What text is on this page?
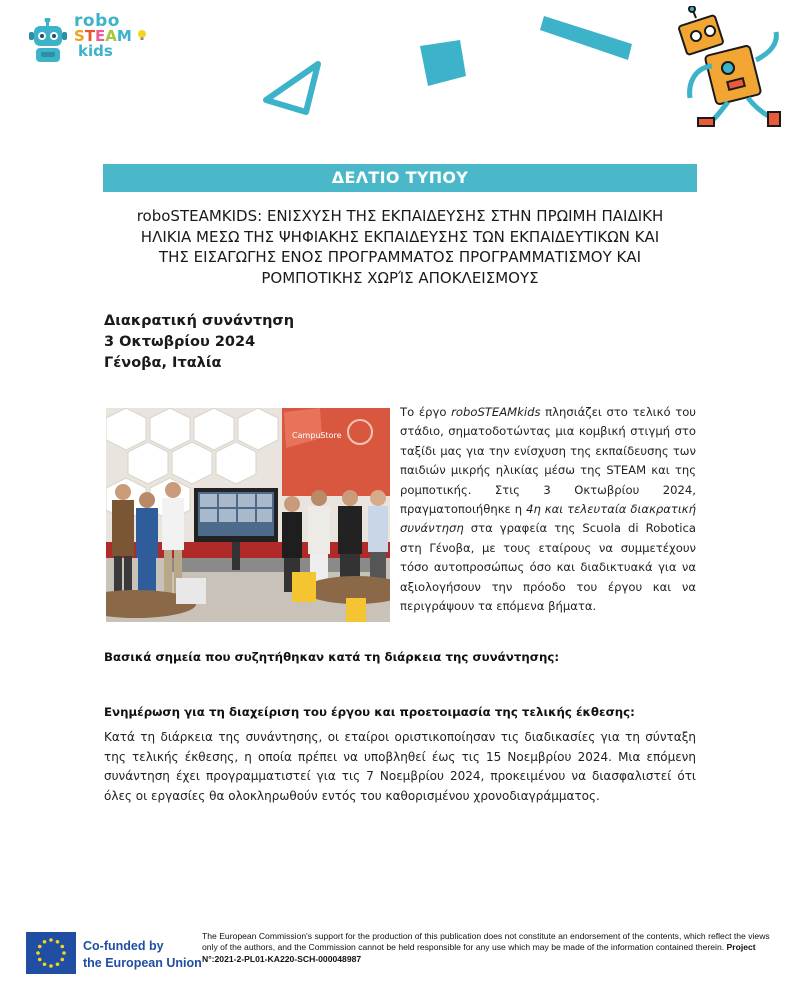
robo
STEAM
kids
ΔΕΛΤΙΟ ΤΥΠΟΥ
roboSTEAMKIDS: ΕΝΙΣΧΥΣΗ ΤΗΣ ΕΚΠΑΙΔΕΥΣΗΣ ΣΤΗΝ ΠΡΩΙΜΗ ΠΑΙΔΙΚΗ
ΗΛΙΚΙΑ ΜΕΣΩ ΤΗΣ ΨΗΦΙΑΚΗΣ ΕΚΠΑΙΔΕΥΣΗΣ ΤΩΝ ΕΚΠΑΙΔΕΥΤΙΚΩΝ ΚΑΙ
ΤΗΣ ΕΙΣΑΓΩΓΗΣ ΕΝΟΣ ΠΡΟΓΡΑΜΜΑΤΟΣ ΠΡΟΓΡΑΜΜΑΤΙΣΜΟΥ ΚΑΙ
ΡΟΜΠΟΤΙΚΗΣ ΧΩΡΊΣ ΑΠΟΚΛΕΙΣΜΟΥΣ
Διακρατική συνάντηση
3 Οκτωβρίου 2024
Γένοβα, Ιταλία
CampuStore
Το έργο roboSTEAMkids πλησιάζει στο τελικό του στάδιο, σηματοδοτώντας μια κομβική στιγμή στο ταξίδι μας για την ενίσχυση της εκπαίδευσης των παιδιών μικρής ηλικίας μέσω της STEAM και της ρομποτικής. Στις 3 Οκτωβρίου 2024, πραγματοποιήθηκε η 4η και τελευταία διακρατική συνάντηση στα γραφεία της Scuola di Robotica στη Γένοβα, με τους εταίρους να συμμετέχουν τόσο αυτοπροσώπως όσο και διαδικτυακά για να αξιολογήσουν την πρόοδο του έργου και να περιγράψουν τα επόμενα βήματα.
Βασικά σημεία που συζητήθηκαν κατά τη διάρκεια της συνάντησης:
Ενημέρωση για τη διαχείριση του έργου και προετοιμασία της τελικής έκθεσης:
Κατά τη διάρκεια της συνάντησης, οι εταίροι οριστικοποίησαν τις διαδικασίες για τη σύνταξη της τελικής έκθεσης, η οποία πρέπει να υποβληθεί έως τις 15 Νοεμβρίου 2024. Μια επόμενη συνάντηση έχει προγραμματιστεί για τις 7 Νοεμβρίου 2024, προκειμένου να διασφαλιστεί ότι όλες οι εργασίες θα ολοκληρωθούν εντός του καθορισμένου χρονοδιαγράμματος.
Co-funded by
the European Union
The European Commission's support for the production of this publication does not constitute an endorsement of the contents, which reflect the views only of the authors, and the Commission cannot be held responsible for any use which may be made of the information contained therein. Project N°:2021-2-PL01-KA220-SCH-000048987
